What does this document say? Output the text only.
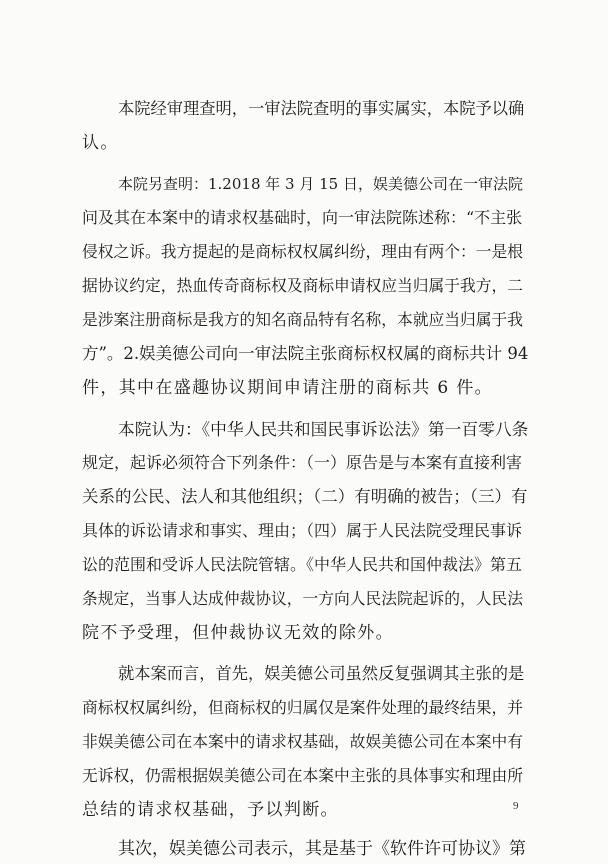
本院经审理查明，一审法院查明的事实属实，本院予以确
认。
本院另查明：1.2018 年 3 月 15 日，娱美德公司在一审法院
问及其在本案中的请求权基础时，向一审法院陈述称：“不主张
侵权之诉。我方提起的是商标权权属纠纷，理由有两个：一是根
据协议约定，热血传奇商标权及商标申请权应当归属于我方，二
是涉案注册商标是我方的知名商品特有名称，本就应当归属于我
方”。2.娱美德公司向一审法院主张商标权权属的商标共计 94
件，其中在盛趣协议期间申请注册的商标共 6 件。
本院认为：《中华人民共和国民事诉讼法》第一百零八条
规定，起诉必须符合下列条件：（一）原告是与本案有直接利害
关系的公民、法人和其他组织；（二）有明确的被告；（三）有
具体的诉讼请求和事实、理由；（四）属于人民法院受理民事诉
讼的范围和受诉人民法院管辖。《中华人民共和国仲裁法》第五
条规定，当事人达成仲裁协议，一方向人民法院起诉的，人民法
院不予受理，但仲裁协议无效的除外。
就本案而言，首先，娱美德公司虽然反复强调其主张的是
商标权权属纠纷，但商标权的归属仅是案件处理的最终结果，并
非娱美德公司在本案中的请求权基础，故娱美德公司在本案中有
无诉权，仍需根据娱美德公司在本案中主张的具体事实和理由所
总结的请求权基础，予以判断。
其次，娱美德公司表示，其是基于《软件许可协议》第
9
